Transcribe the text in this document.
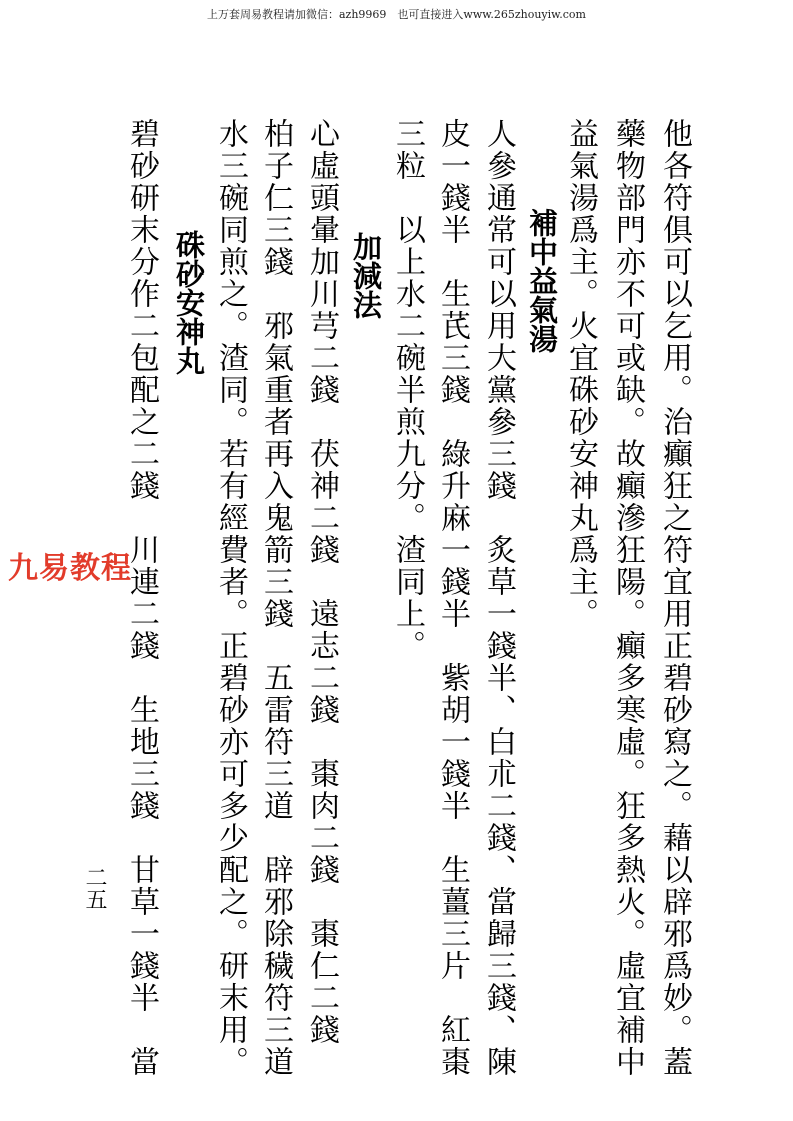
上万套周易教程请加微信：azh9969　也可直接进入www.265zhouyiw.com
他各符俱可以乞用。治癲狂之符宜用正碧砂寫之。藉以辟邪爲妙。蓋
藥物部門亦不可或缺。故癲滲狂陽。癲多寒虛。狂多熱火。虛宜補中
益氣湯爲主。火宜硃砂安神丸爲主。
補中益氣湯
人參通常可以用大黨參三錢　炙草一錢半、白朮二錢、當歸三錢、陳
皮一錢半　生芪三錢　綠升麻一錢半　紫胡一錢半　生薑三片　紅棗
三粒　以上水二碗半煎九分。渣同上。
加減法
心虛頭暈加川芎二錢　茯神二錢　遠志二錢　棗肉二錢　棗仁二錢
柏子仁三錢　邪氣重者再入鬼箭三錢　五雷符三道　辟邪除穢符三道
水三碗同煎之。渣同。若有經費者。正碧砂亦可多少配之。研末用。
硃砂安神丸
碧砂研末分作二包配之二錢　川連二錢　生地三錢　甘草一錢半　當
九易教程
二五
